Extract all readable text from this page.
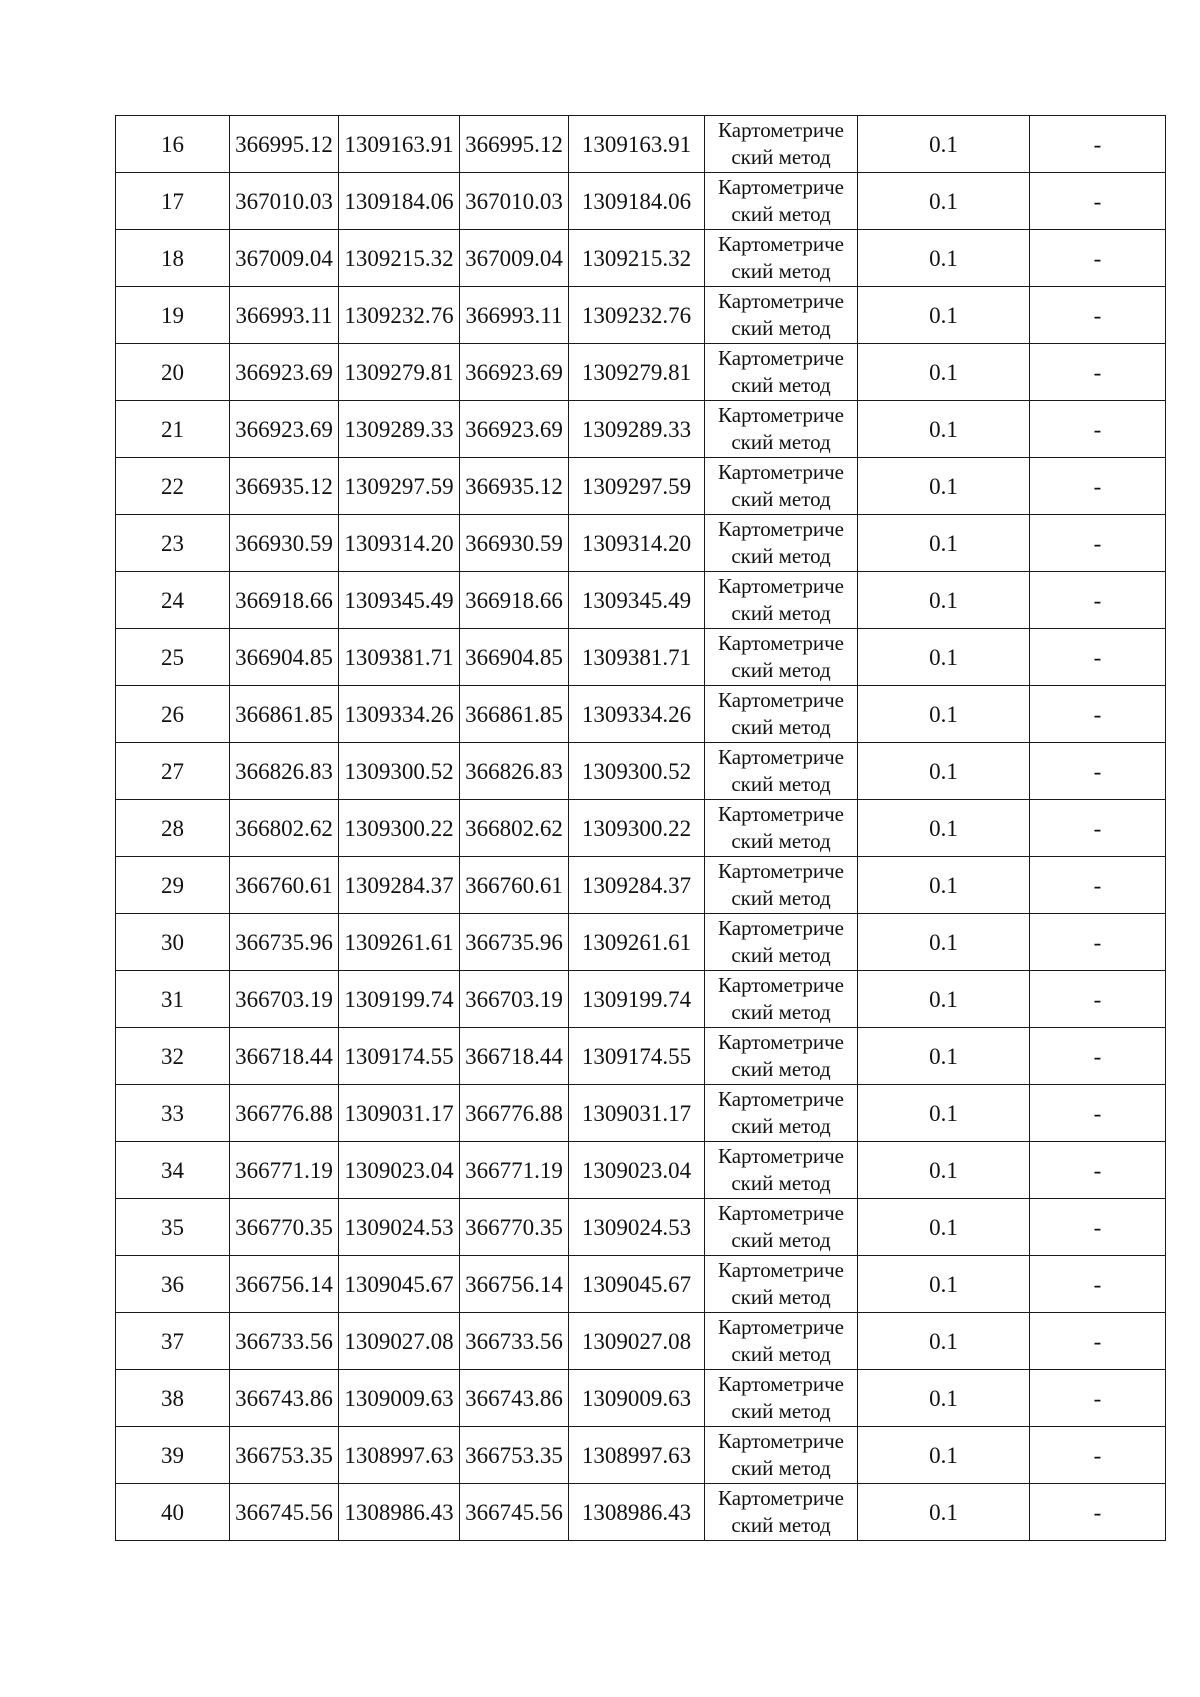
16	366995.12	1309163.91	366995.12	1309163.91	Картометриче
ский метод	0.1	-
17	367010.03	1309184.06	367010.03	1309184.06	Картометриче
ский метод	0.1	-
18	367009.04	1309215.32	367009.04	1309215.32	Картометриче
ский метод	0.1	-
19	366993.11	1309232.76	366993.11	1309232.76	Картометриче
ский метод	0.1	-
20	366923.69	1309279.81	366923.69	1309279.81	Картометриче
ский метод	0.1	-
21	366923.69	1309289.33	366923.69	1309289.33	Картометриче
ский метод	0.1	-
22	366935.12	1309297.59	366935.12	1309297.59	Картометриче
ский метод	0.1	-
23	366930.59	1309314.20	366930.59	1309314.20	Картометриче
ский метод	0.1	-
24	366918.66	1309345.49	366918.66	1309345.49	Картометриче
ский метод	0.1	-
25	366904.85	1309381.71	366904.85	1309381.71	Картометриче
ский метод	0.1	-
26	366861.85	1309334.26	366861.85	1309334.26	Картометриче
ский метод	0.1	-
27	366826.83	1309300.52	366826.83	1309300.52	Картометриче
ский метод	0.1	-
28	366802.62	1309300.22	366802.62	1309300.22	Картометриче
ский метод	0.1	-
29	366760.61	1309284.37	366760.61	1309284.37	Картометриче
ский метод	0.1	-
30	366735.96	1309261.61	366735.96	1309261.61	Картометриче
ский метод	0.1	-
31	366703.19	1309199.74	366703.19	1309199.74	Картометриче
ский метод	0.1	-
32	366718.44	1309174.55	366718.44	1309174.55	Картометриче
ский метод	0.1	-
33	366776.88	1309031.17	366776.88	1309031.17	Картометриче
ский метод	0.1	-
34	366771.19	1309023.04	366771.19	1309023.04	Картометриче
ский метод	0.1	-
35	366770.35	1309024.53	366770.35	1309024.53	Картометриче
ский метод	0.1	-
36	366756.14	1309045.67	366756.14	1309045.67	Картометриче
ский метод	0.1	-
37	366733.56	1309027.08	366733.56	1309027.08	Картометриче
ский метод	0.1	-
38	366743.86	1309009.63	366743.86	1309009.63	Картометриче
ский метод	0.1	-
39	366753.35	1308997.63	366753.35	1308997.63	Картометриче
ский метод	0.1	-
40	366745.56	1308986.43	366745.56	1308986.43	Картометриче
ский метод	0.1	-
